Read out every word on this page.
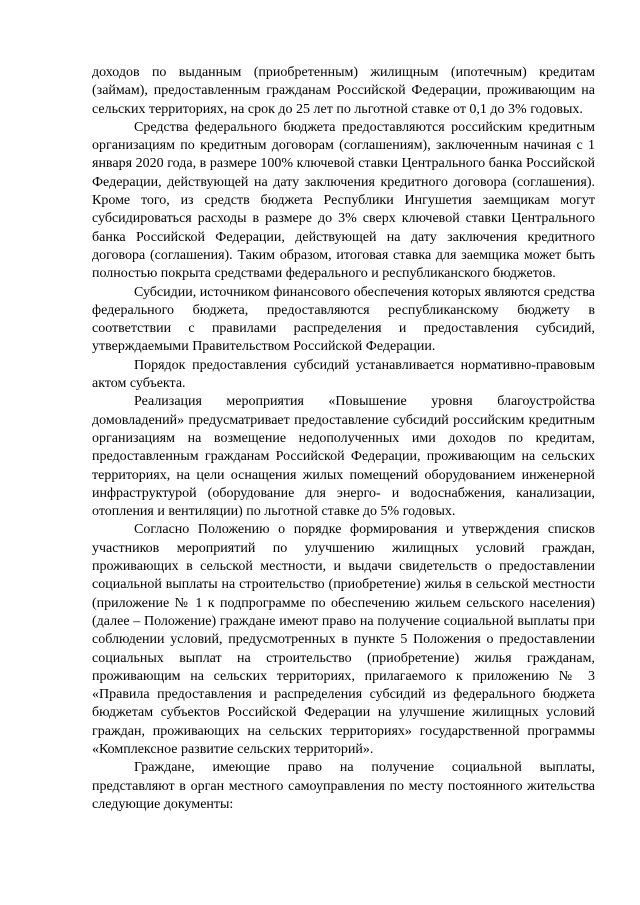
доходов по выданным (приобретенным) жилищным (ипотечным) кредитам (займам), предоставленным гражданам Российской Федерации, проживающим на сельских территориях, на срок до 25 лет по льготной ставке от 0,1 до 3% годовых.

Средства федерального бюджета предоставляются российским кредитным организациям по кредитным договорам (соглашениям), заключенным начиная с 1 января 2020 года, в размере 100% ключевой ставки Центрального банка Российской Федерации, действующей на дату заключения кредитного договора (соглашения). Кроме того, из средств бюджета Республики Ингушетия заемщикам могут субсидироваться расходы в размере до 3% сверх ключевой ставки Центрального банка Российской Федерации, действующей на дату заключения кредитного договора (соглашения). Таким образом, итоговая ставка для заемщика может быть полностью покрыта средствами федерального и республиканского бюджетов.

Субсидии, источником финансового обеспечения которых являются средства федерального бюджета, предоставляются республиканскому бюджету в соответствии с правилами распределения и предоставления субсидий, утверждаемыми Правительством Российской Федерации.

Порядок предоставления субсидий устанавливается нормативно-правовым актом субъекта.

Реализация мероприятия «Повышение уровня благоустройства домовладений» предусматривает предоставление субсидий российским кредитным организациям на возмещение недополученных ими доходов по кредитам, предоставленным гражданам Российской Федерации, проживающим на сельских территориях, на цели оснащения жилых помещений оборудованием инженерной инфраструктурой (оборудование для энерго- и водоснабжения, канализации, отопления и вентиляции) по льготной ставке до 5% годовых.

Согласно Положению о порядке формирования и утверждения списков участников мероприятий по улучшению жилищных условий граждан, проживающих в сельской местности, и выдачи свидетельств о предоставлении социальной выплаты на строительство (приобретение) жилья в сельской местности (приложение № 1 к подпрограмме по обеспечению жильем сельского населения) (далее – Положение) граждане имеют право на получение социальной выплаты при соблюдении условий, предусмотренных в пункте 5 Положения о предоставлении социальных выплат на строительство (приобретение) жилья гражданам, проживающим на сельских территориях, прилагаемого к приложению № 3 «Правила предоставления и распределения субсидий из федерального бюджета бюджетам субъектов Российской Федерации на улучшение жилищных условий граждан, проживающих на сельских территориях» государственной программы «Комплексное развитие сельских территорий».

Граждане, имеющие право на получение социальной выплаты, представляют в орган местного самоуправления по месту постоянного жительства следующие документы:
